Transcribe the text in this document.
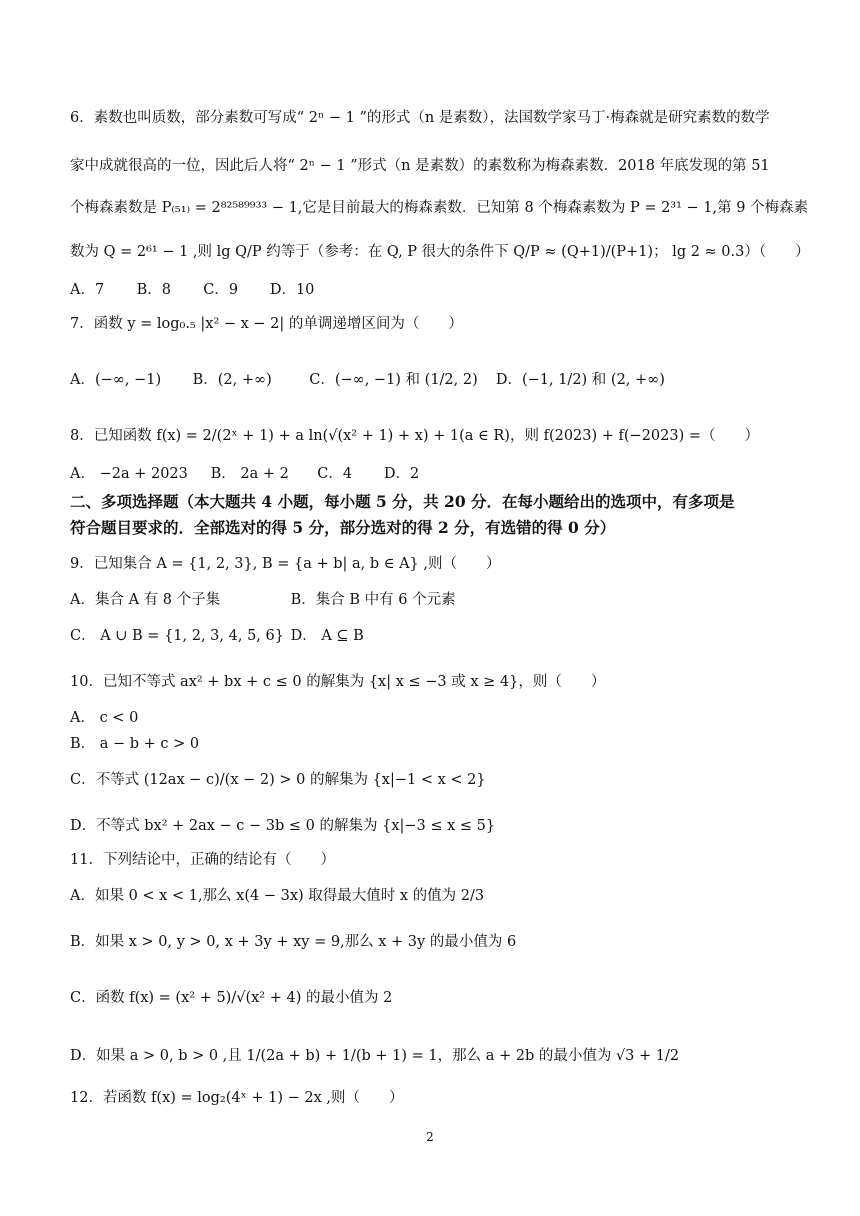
6．素数也叫质数，部分素数可写成“ 2ⁿ − 1 ”的形式（n 是素数），法国数学家马丁·梅森就是研究素数的数学
家中成就很高的一位，因此后人将“ 2ⁿ − 1 ”形式（n 是素数）的素数称为梅森素数．2018 年底发现的第 51
个梅森素数是 P₍₅₁₎ = 2⁸²⁵⁸⁹⁹³³ − 1,它是目前最大的梅森素数．已知第 8 个梅森素数为 P = 2³¹ − 1,第 9 个梅森素
数为 Q = 2⁶¹ − 1 ,则 lg Q/P 约等于（参考：在 Q, P 很大的条件下 Q/P ≈ (Q+1)/(P+1)； lg 2 ≈ 0.3）（　　）
A．7 B．8 C．9 D．10
7．函数 y = log₀.₅ |x² − x − 2| 的单调递增区间为（　　）
A．(−∞, −1) B．(2, +∞)	C．(−∞, −1) 和 (1/2, 2) D．(−1, 1/2) 和 (2, +∞)
8．已知函数 f(x) = 2/(2ˣ + 1) + a ln(√(x² + 1) + x) + 1(a ∈ R)，则 f(2023) + f(−2023) =（　　）
A． −2a + 2023 B． 2a + 2 C．4 D．2
二、多项选择题（本大题共 4 小题，每小题 5 分，共 20 分．在每小题给出的选项中，有多项是
符合题目要求的．全部选对的得 5 分，部分选对的得 2 分，有选错的得 0 分）
9．已知集合 A = {1, 2, 3}, B = {a + b| a, b ∈ A} ,则（　　）
A．集合 A 有 8 个子集	B．集合 B 中有 6 个元素
C． A ∪ B = {1, 2, 3, 4, 5, 6} D． A ⊆ B
10．已知不等式 ax² + bx + c ≤ 0 的解集为 {x| x ≤ −3 或 x ≥ 4}，则（　　）
A． c < 0
B． a − b + c > 0
C．不等式 (12ax − c)/(x − 2) > 0 的解集为 {x|−1 < x < 2}
D．不等式 bx² + 2ax − c − 3b ≤ 0 的解集为 {x|−3 ≤ x ≤ 5}
11．下列结论中，正确的结论有（　　）
A．如果 0 < x < 1,那么 x(4 − 3x) 取得最大值时 x 的值为 2/3
B．如果 x > 0, y > 0, x + 3y + xy = 9,那么 x + 3y 的最小值为 6
C．函数 f(x) = (x² + 5)/√(x² + 4) 的最小值为 2
D．如果 a > 0, b > 0 ,且 1/(2a + b) + 1/(b + 1) = 1，那么 a + 2b 的最小值为 √3 + 1/2
12．若函数 f(x) = log₂(4ˣ + 1) − 2x ,则（　　）
2
